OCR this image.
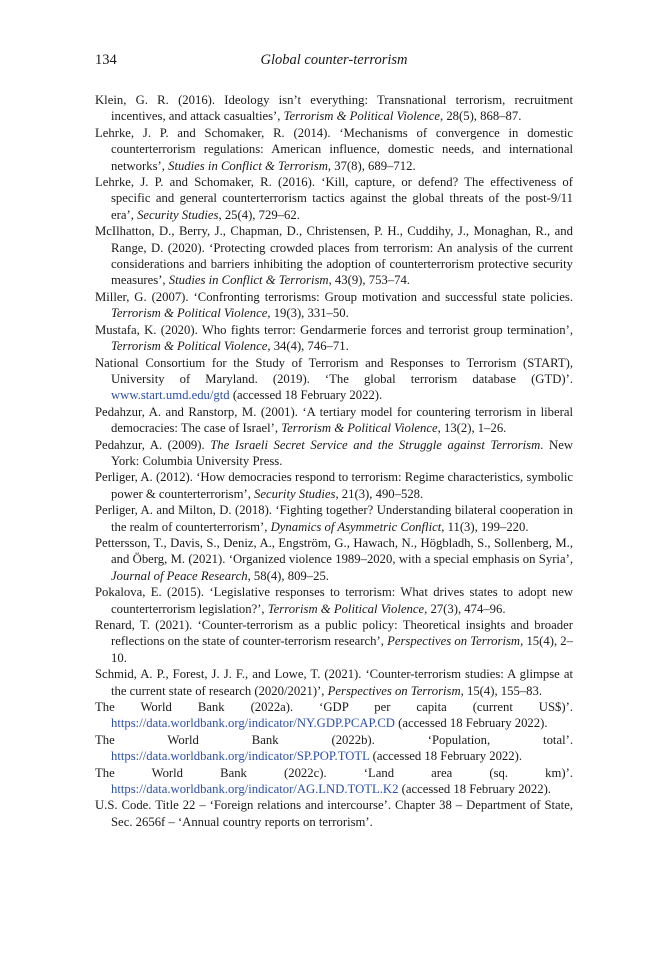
134	Global counter-terrorism

Klein, G. R. (2016). Ideology isn’t everything: Transnational terrorism, recruitment incentives, and attack casualties’, Terrorism & Political Violence, 28(5), 868–87.

Lehrke, J. P. and Schomaker, R. (2014). ‘Mechanisms of convergence in domestic counterterrorism regulations: American influence, domestic needs, and international networks’, Studies in Conflict & Terrorism, 37(8), 689–712.

Lehrke, J. P. and Schomaker, R. (2016). ‘Kill, capture, or defend? The effectiveness of specific and general counterterrorism tactics against the global threats of the post-9/11 era’, Security Studies, 25(4), 729–62.

McIlhatton, D., Berry, J., Chapman, D., Christensen, P. H., Cuddihy, J., Monaghan, R., and Range, D. (2020). ‘Protecting crowded places from terrorism: An analysis of the current considerations and barriers inhibiting the adoption of counterterrorism protective security measures’, Studies in Conflict & Terrorism, 43(9), 753–74.

Miller, G. (2007). ‘Confronting terrorisms: Group motivation and successful state policies. Terrorism & Political Violence, 19(3), 331–50.

Mustafa, K. (2020). Who fights terror: Gendarmerie forces and terrorist group termination’, Terrorism & Political Violence, 34(4), 746–71.

National Consortium for the Study of Terrorism and Responses to Terrorism (START), University of Maryland. (2019). ‘The global terrorism database (GTD)’. www.start.umd.edu/gtd (accessed 18 February 2022).

Pedahzur, A. and Ranstorp, M. (2001). ‘A tertiary model for countering terrorism in liberal democracies: The case of Israel’, Terrorism & Political Violence, 13(2), 1–26.

Pedahzur, A. (2009). The Israeli Secret Service and the Struggle against Terrorism. New York: Columbia University Press.

Perliger, A. (2012). ‘How democracies respond to terrorism: Regime characteristics, symbolic power & counterterrorism’, Security Studies, 21(3), 490–528.

Perliger, A. and Milton, D. (2018). ‘Fighting together? Understanding bilateral cooperation in the realm of counterterrorism’, Dynamics of Asymmetric Conflict, 11(3), 199–220.

Pettersson, T., Davis, S., Deniz, A., Engström, G., Hawach, N., Högbladh, S., Sollenberg, M., and Öberg, M. (2021). ‘Organized violence 1989–2020, with a special emphasis on Syria’, Journal of Peace Research, 58(4), 809–25.

Pokalova, E. (2015). ‘Legislative responses to terrorism: What drives states to adopt new counterterrorism legislation?’, Terrorism & Political Violence, 27(3), 474–96.

Renard, T. (2021). ‘Counter-terrorism as a public policy: Theoretical insights and broader reflections on the state of counter-terrorism research’, Perspectives on Terrorism, 15(4), 2–10.

Schmid, A. P., Forest, J. J. F., and Lowe, T. (2021). ‘Counter-terrorism studies: A glimpse at the current state of research (2020/2021)’, Perspectives on Terrorism, 15(4), 155–83.

The World Bank (2022a). ‘GDP per capita (current US$)’. https://data.worldbank.org/indicator/NY.GDP.PCAP.CD (accessed 18 February 2022).

The World Bank (2022b). ‘Population, total’. https://data.worldbank.org/indicator/SP.POP.TOTL (accessed 18 February 2022).

The World Bank (2022c). ‘Land area (sq. km)’. https://data.worldbank.org/indicator/AG.LND.TOTL.K2 (accessed 18 February 2022).

U.S. Code. Title 22 – ‘Foreign relations and intercourse’. Chapter 38 – Department of State, Sec. 2656f – ‘Annual country reports on terrorism’.
